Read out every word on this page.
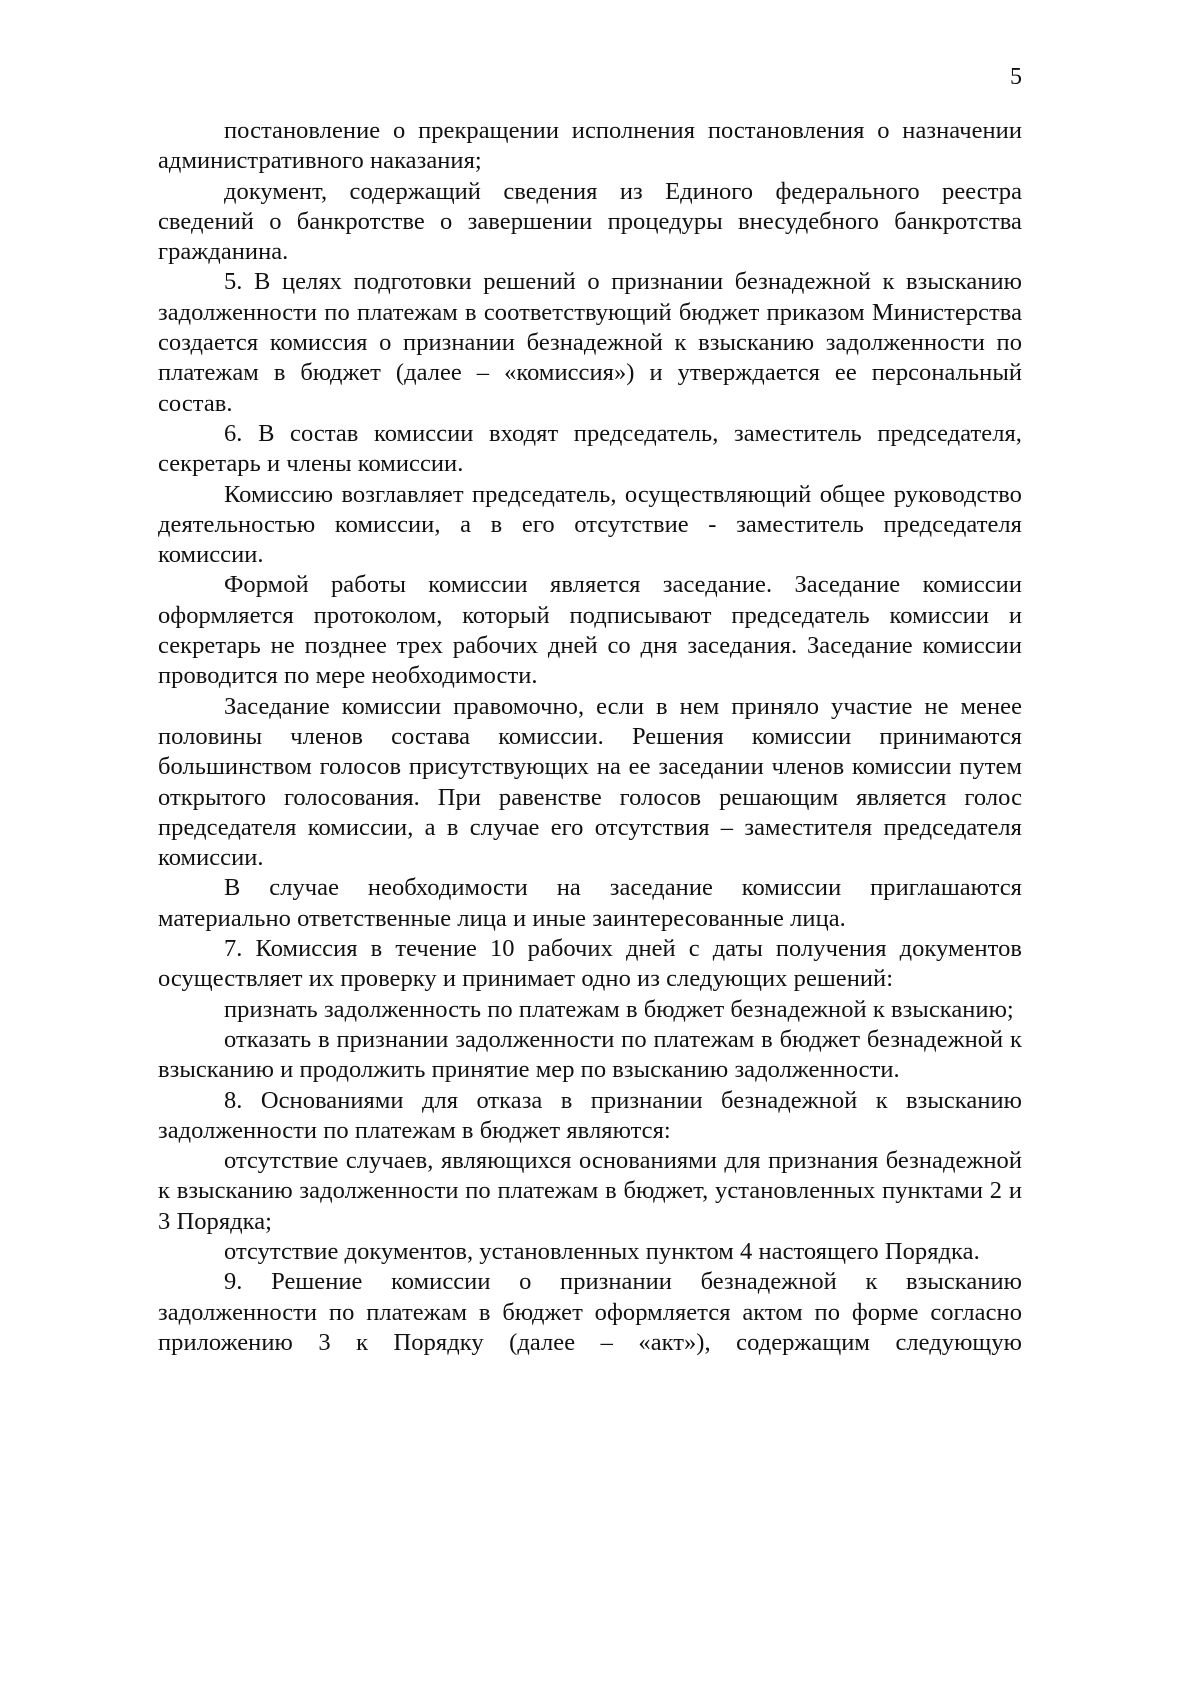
5

постановление о прекращении исполнения постановления о назначении административного наказания;

документ, содержащий сведения из Единого федерального реестра сведений о банкротстве о завершении процедуры внесудебного банкротства гражданина.

5. В целях подготовки решений о признании безнадежной к взысканию задолженности по платежам в соответствующий бюджет приказом Министерства создается комиссия о признании безнадежной к взысканию задолженности по платежам в бюджет (далее – «комиссия») и утверждается ее персональный состав.

6. В состав комиссии входят председатель, заместитель председателя, секретарь и члены комиссии.

Комиссию возглавляет председатель, осуществляющий общее руководство деятельностью комиссии, а в его отсутствие - заместитель председателя комиссии.

Формой работы комиссии является заседание. Заседание комиссии оформляется протоколом, который подписывают председатель комиссии и секретарь не позднее трех рабочих дней со дня заседания. Заседание комиссии проводится по мере необходимости.

Заседание комиссии правомочно, если в нем приняло участие не менее половины членов состава комиссии. Решения комиссии принимаются большинством голосов присутствующих на ее заседании членов комиссии путем открытого голосования. При равенстве голосов решающим является голос председателя комиссии, а в случае его отсутствия – заместителя председателя комиссии.

В случае необходимости на заседание комиссии приглашаются материально ответственные лица и иные заинтересованные лица.

7. Комиссия в течение 10 рабочих дней с даты получения документов осуществляет их проверку и принимает одно из следующих решений:

признать задолженность по платежам в бюджет безнадежной к взысканию;

отказать в признании задолженности по платежам в бюджет безнадежной к взысканию и продолжить принятие мер по взысканию задолженности.

8. Основаниями для отказа в признании безнадежной к взысканию задолженности по платежам в бюджет являются:

отсутствие случаев, являющихся основаниями для признания безнадежной к взысканию задолженности по платежам в бюджет, установленных пунктами 2 и 3 Порядка;

отсутствие документов, установленных пунктом 4 настоящего Порядка.

9. Решение комиссии о признании безнадежной к взысканию задолженности по платежам в бюджет оформляется актом по форме согласно приложению 3 к Порядку (далее – «акт»), содержащим следующую
